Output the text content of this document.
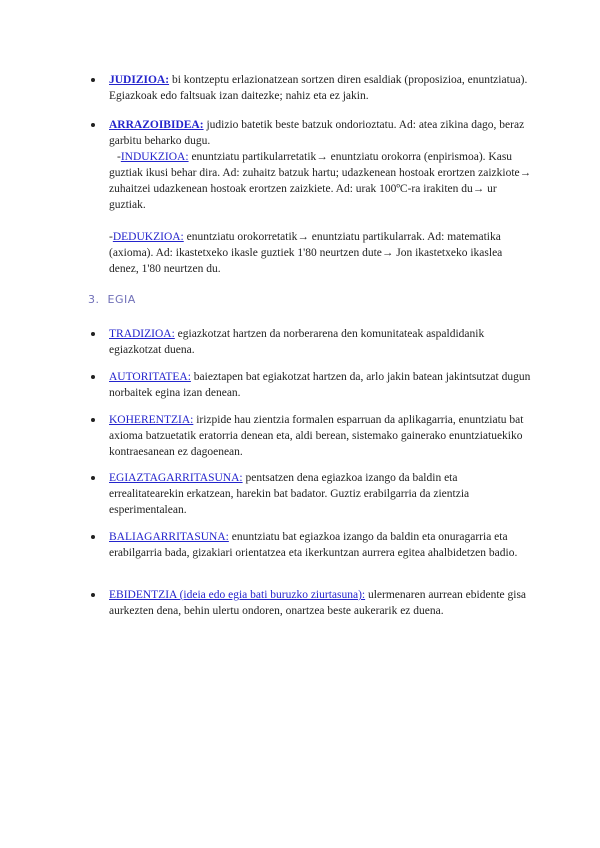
JUDIZIOA: bi kontzeptu erlazionatzean sortzen diren esaldiak (proposizioa, enuntziatua). Egiazkoak edo faltsuak izan daitezke; nahiz eta ez jakin.
ARRAZOIBIDEA: judizio batetik beste batzuk ondorioztatu. Ad: atea zikina dago, beraz garbitu beharko dugu.

-INDUKZIOA: enuntziatu partikularretatik→ enuntziatu orokorra (enpirismoa). Kasu guztiak ikusi behar dira. Ad: zuhaitz batzuk hartu; udazkenean hostoak erortzen zaizkiote→ zuhaitzei udazkenean hostoak erortzen zaizkiete. Ad: urak 100ºC-ra irakiten du→ ur guztiak.

-DEDUKZIOA: enuntziatu orokorretatik→ enuntziatu partikularrak. Ad: matematika (axioma). Ad: ikastetxeko ikasle guztiek 1'80 neurtzen dute→ Jon ikastetxeko ikaslea denez, 1'80 neurtzen du.

3. EGIA
TRADIZIOA: egiazkotzat hartzen da norberarena den komunitateak aspaldidanik egiazkotzat duena.
AUTORITATEA: baieztapen bat egiakotzat hartzen da, arlo jakin batean jakintsutzat dugun norbaitek egina izan denean.
KOHERENTZIA: irizpide hau zientzia formalen esparruan da aplikagarria, enuntziatu bat axioma batzuetatik eratorria denean eta, aldi berean, sistemako gainerako enuntziatuekiko kontraesanean ez dagoenean.
EGIAZTAGARRITASUNA: pentsatzen dena egiazkoa izango da baldin eta errealitatearekin erkatzean, harekin bat badator. Guztiz erabilgarria da zientzia esperimentalean.
BALIAGARRITASUNA: enuntziatu bat egiazkoa izango da baldin eta onuragarria eta erabilgarria bada, gizakiari orientatzea eta ikerkuntzan aurrera egitea ahalbidetzen badio.
EBIDENTZIA (ideia edo egia bati buruzko ziurtasuna): ulermenaren aurrean ebidente gisa aurkezten dena, behin ulertu ondoren, onartzea beste aukerarik ez duena.
